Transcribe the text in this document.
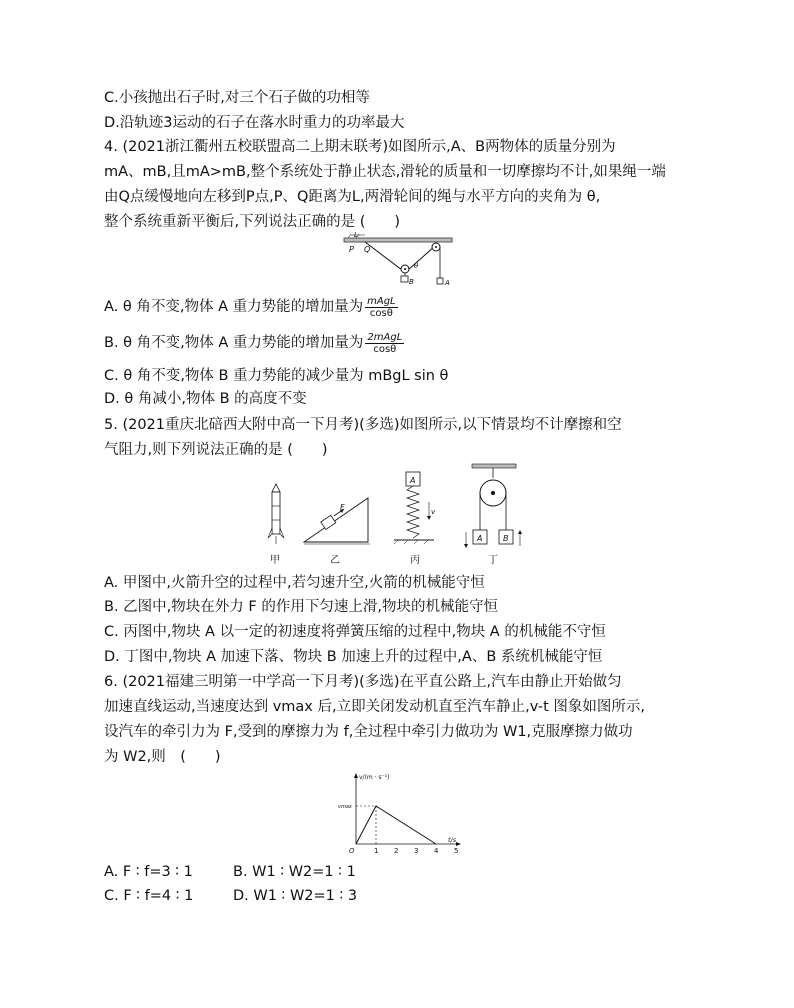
C.小孩抛出石子时,对三个石子做的功相等
D.沿轨迹3运动的石子在落水时重力的功率最大
4. (2021浙江衢州五校联盟高二上期末联考)如图所示,A、B两物体的质量分别为
mA、mB,且mA>mB,整个系统处于静止状态,滑轮的质量和一切摩擦均不计,如果绳一端
由Q点缓慢地向左移到P点,P、Q距离为L,两滑轮间的绳与水平方向的夹角为 θ,
整个系统重新平衡后,下列说法正确的是 (　　)
L
P Q
θ
B	A
A. θ 角不变,物体 A 重力势能的增加量为 $\frac{\text{mAgL}}{\cos\theta}$
B. θ 角不变,物体 A 重力势能的增加量为 $\frac{\text{2mAgL}}{\cos\theta}$
C. θ 角不变,物体 B 重力势能的减少量为 mBgL sin θ
D. θ 角减小,物体 B 的高度不变
5. (2021重庆北碚西大附中高一下月考)(多选)如图所示,以下情景均不计摩擦和空
气阻力,则下列说法正确的是 (　　)
甲
F
乙
A
v
丙
A	B
丁
A. 甲图中,火箭升空的过程中,若匀速升空,火箭的机械能守恒
B. 乙图中,物块在外力 F 的作用下匀速上滑,物块的机械能守恒
C. 丙图中,物块 A 以一定的初速度将弹簧压缩的过程中,物块 A 的机械能不守恒
D. 丁图中,物块 A 加速下落、物块 B 加速上升的过程中,A、B 系统机械能守恒
6. (2021福建三明第一中学高一下月考)(多选)在平直公路上,汽车由静止开始做匀
加速直线运动,当速度达到 vmax 后,立即关闭发动机直至汽车静止,v-t 图象如图所示,
设汽车的牵引力为 F,受到的摩擦力为 f,全过程中牵引力做功为 W1,克服摩擦力做功
为 W2,则　(　　)
v/(m · s⁻¹)
t/s
vmax
O	1 2 3 4 5
A. F ∶ f=3 ∶ 1	B. W1 ∶ W2=1 ∶ 1
C. F ∶ f=4 ∶ 1	D. W1 ∶ W2=1 ∶ 3
